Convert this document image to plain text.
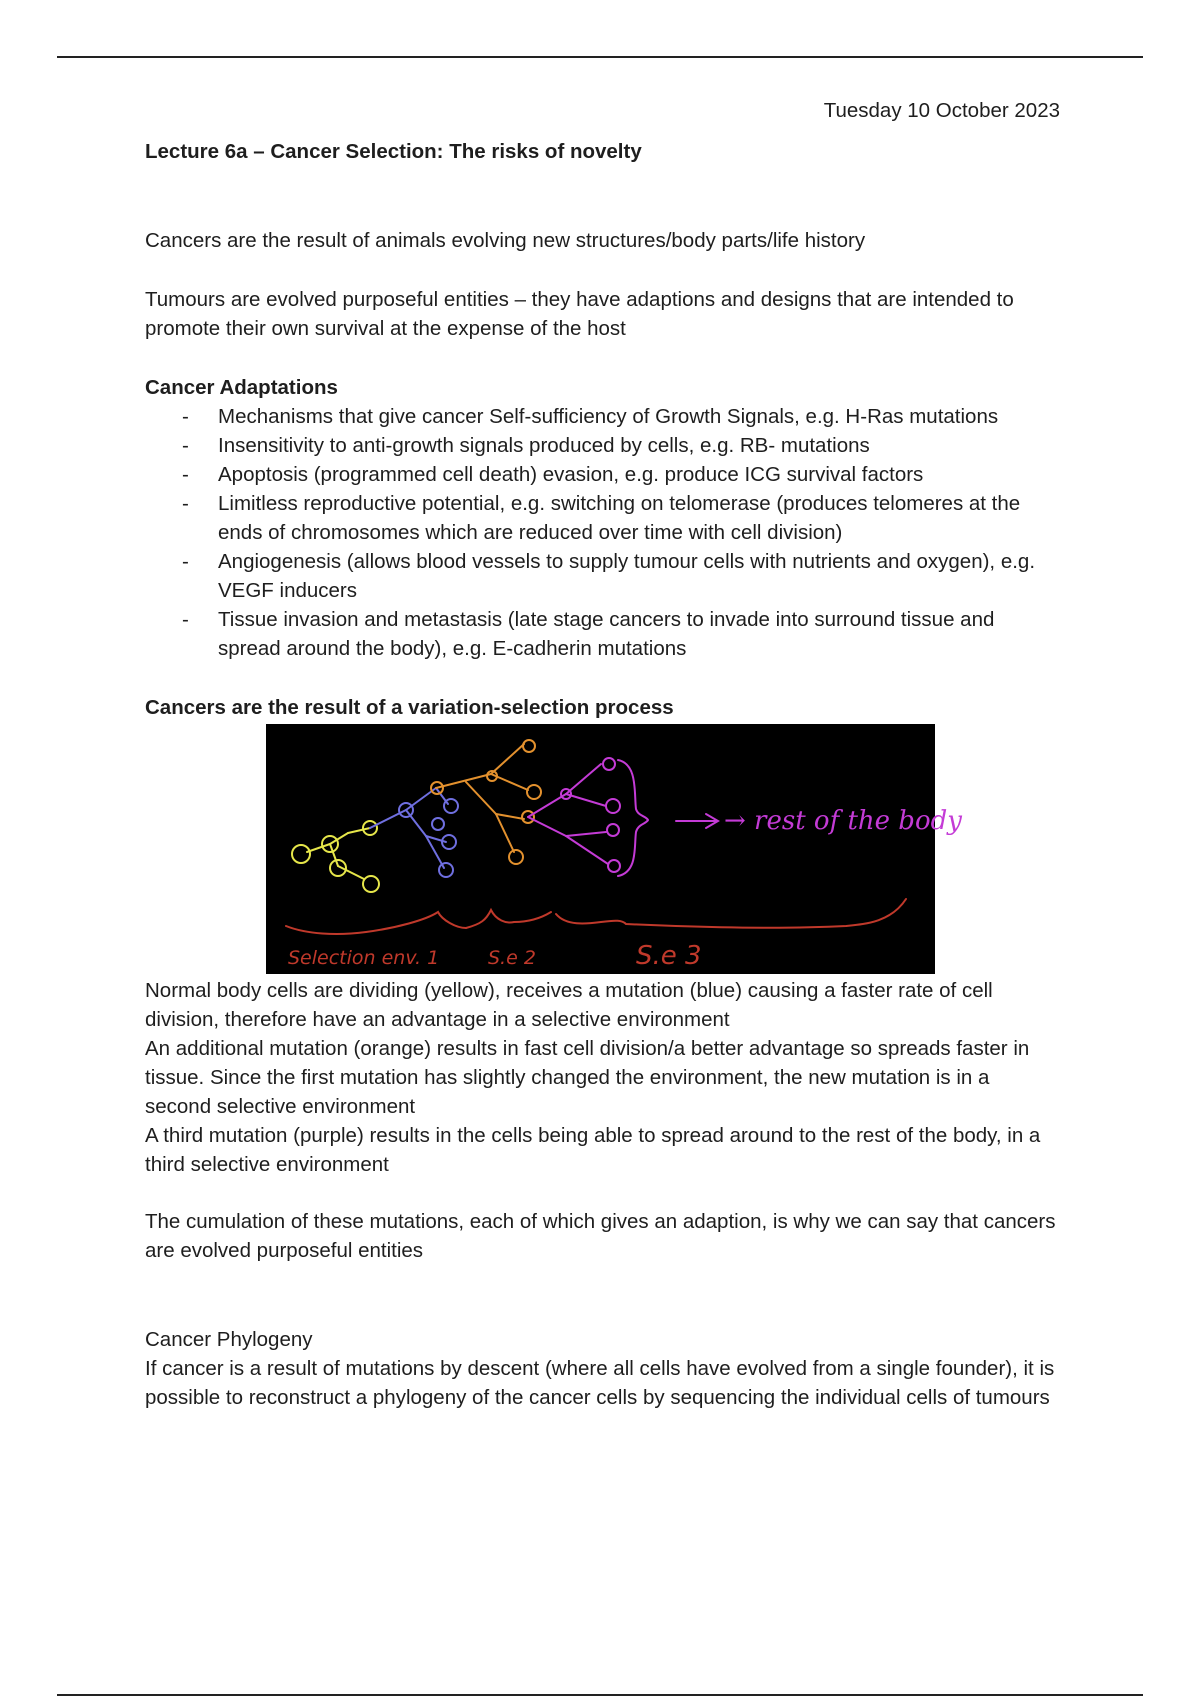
Tuesday 10 October 2023

Lecture 6a – Cancer Selection: The risks of novelty

Cancers are the result of animals evolving new structures/body parts/life history

Tumours are evolved purposeful entities – they have adaptions and designs that are intended to promote their own survival at the expense of the host

Cancer Adaptations
- Mechanisms that give cancer Self-sufficiency of Growth Signals, e.g. H-Ras mutations
- Insensitivity to anti-growth signals produced by cells, e.g. RB- mutations
- Apoptosis (programmed cell death) evasion, e.g. produce ICG survival factors
- Limitless reproductive potential, e.g. switching on telomerase (produces telomeres at the ends of chromosomes which are reduced over time with cell division)
- Angiogenesis (allows blood vessels to supply tumour cells with nutrients and oxygen), e.g. VEGF inducers
- Tissue invasion and metastasis (late stage cancers to invade into surround tissue and spread around the body), e.g. E-cadherin mutations
Cancers are the result of a variation-selection process
→ rest of the body
Selection env. 1	S.e 2	S.e 3

Normal body cells are dividing (yellow), receives a mutation (blue) causing a faster rate of cell division, therefore have an advantage in a selective environment

An additional mutation (orange) results in fast cell division/a better advantage so spreads faster in tissue. Since the first mutation has slightly changed the environment, the new mutation is in a second selective environment

A third mutation (purple) results in the cells being able to spread around to the rest of the body, in a third selective environment

The cumulation of these mutations, each of which gives an adaption, is why we can say that cancers are evolved purposeful entities

Cancer Phylogeny

If cancer is a result of mutations by descent (where all cells have evolved from a single founder), it is possible to reconstruct a phylogeny of the cancer cells by sequencing the individual cells of tumours
